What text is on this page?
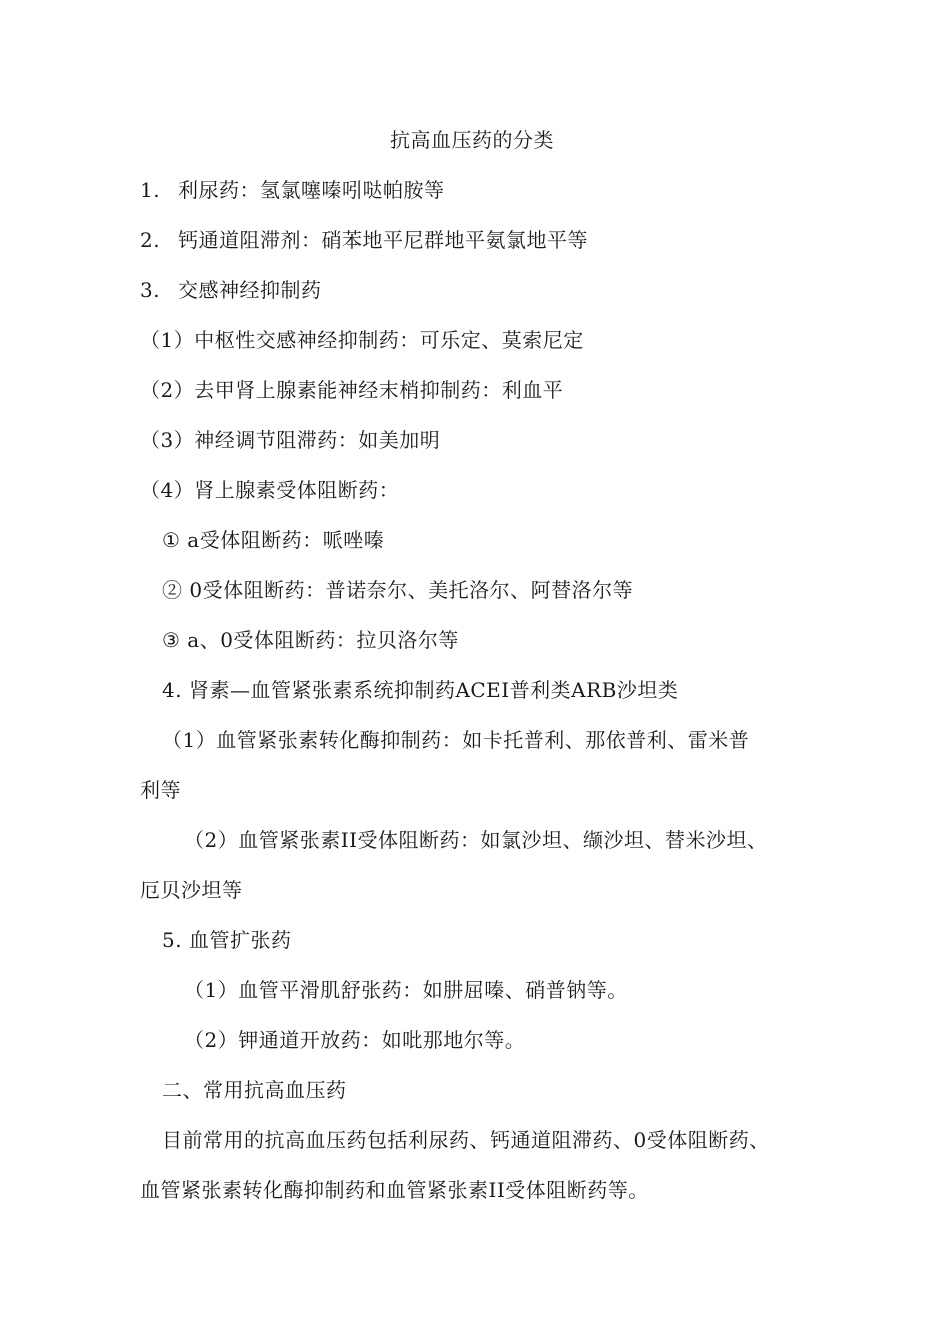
抗高血压药的分类
1. 利尿药：氢氯噻嗪吲哒帕胺等
2. 钙通道阻滞剂：硝苯地平尼群地平氨氯地平等
3. 交感神经抑制药
（1）中枢性交感神经抑制药：可乐定、莫索尼定
（2）去甲肾上腺素能神经末梢抑制药：利血平
（3）神经调节阻滞药：如美加明
（4）肾上腺素受体阻断药：
① a受体阻断药：哌唑嗪
② 0受体阻断药：普诺奈尔、美托洛尔、阿替洛尔等
③ a、0受体阻断药：拉贝洛尔等
4. 肾素—血管紧张素系统抑制药ACEI普利类ARB沙坦类
（1）血管紧张素转化酶抑制药：如卡托普利、那依普利、雷米普
利等
（2）血管紧张素II受体阻断药：如氯沙坦、缬沙坦、替米沙坦、
厄贝沙坦等
5. 血管扩张药
（1）血管平滑肌舒张药：如肼屈嗪、硝普钠等。
（2）钾通道开放药：如吡那地尔等。
二、常用抗高血压药
目前常用的抗高血压药包括利尿药、钙通道阻滞药、0受体阻断药、
血管紧张素转化酶抑制药和血管紧张素II受体阻断药等。
